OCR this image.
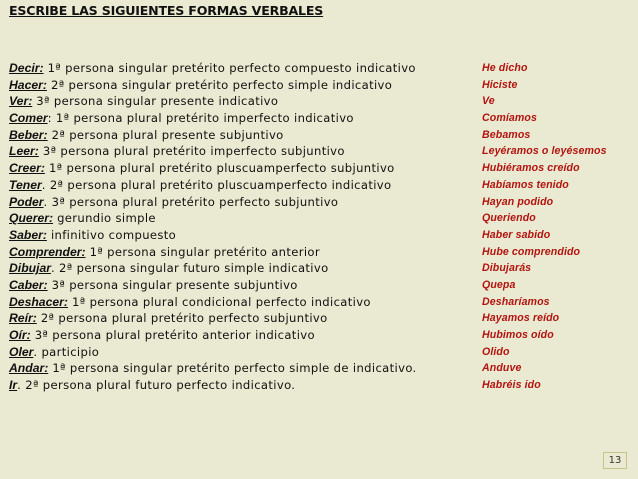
ESCRIBE LAS SIGUIENTES FORMAS VERBALES
Decir: 1ª persona singular pretérito perfecto compuesto indicativo	He dicho
Hacer: 2ª persona singular pretérito perfecto simple indicativo	Hiciste
Ver: 3ª persona singular presente indicativo	Ve
Comer: 1ª persona plural pretérito imperfecto indicativo	Comíamos
Beber: 2ª persona plural presente subjuntivo	Bebamos
Leer: 3ª persona plural pretérito imperfecto subjuntivo	Leyéramos o leyésemos
Creer: 1ª persona plural pretérito pluscuamperfecto subjuntivo	Hubiéramos creído
Tener. 2ª persona plural pretérito pluscuamperfecto indicativo	Habíamos tenido
Poder. 3ª persona plural pretérito perfecto subjuntivo	Hayan podido
Querer: gerundio simple	Queriendo
Saber: infinitivo compuesto	Haber sabido
Comprender: 1ª persona singular pretérito anterior	Hube comprendido
Dibujar. 2ª persona singular futuro simple indicativo	Dibujarás
Caber: 3ª persona singular presente subjuntivo	Quepa
Deshacer: 1ª persona plural condicional perfecto indicativo	Desharíamos
Reír: 2ª persona plural pretérito perfecto subjuntivo	Hayamos reído
Oír: 3ª persona plural pretérito anterior indicativo	Hubimos oído
Oler. participio	Olido
Andar: 1ª persona singular pretérito perfecto simple de indicativo.	Anduve
Ir. 2ª persona plural futuro perfecto indicativo.	Habréis ido
13
